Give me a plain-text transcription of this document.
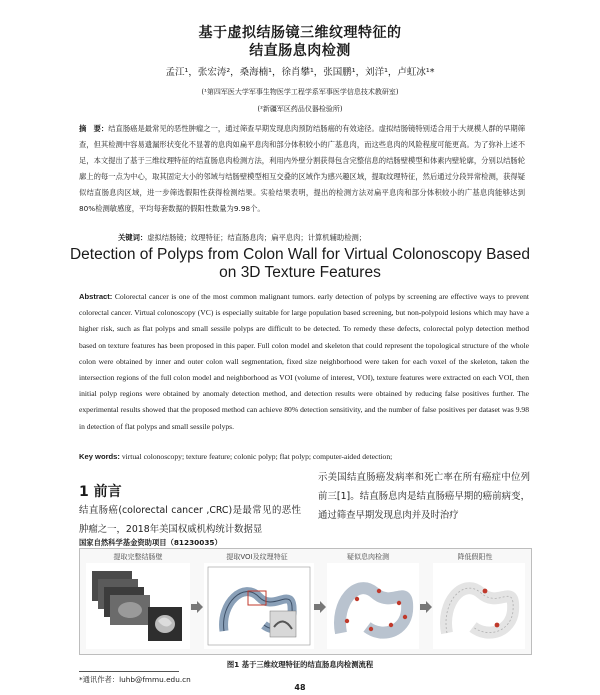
基于虚拟结肠镜三维纹理特征的
结直肠息肉检测
孟江¹，张宏涛²，桑海楠¹，徐肖攀¹，张国鹏¹，刘洋¹，卢虹冰¹*
(¹第四军医大学军事生物医学工程学系军事医学信息技术教研室)
(²新疆军区药品仪器检验所)
摘　要：结直肠癌是最常见的恶性肿瘤之一，通过筛查早期发现息肉预防结肠癌的有效途径。虚拟结肠镜特别适合用于大规模人群的早期筛查，但其检测中容易遗漏形状变化不显著的息肉如扁平息肉和部分体积较小的广基息肉，而这些息肉的风险程度可能更高。为了弥补上述不足，本文提出了基于三维纹理特征的结直肠息肉检测方法，利用内外壁分割获得包含完整信息的结肠壁模型和体素内壁轮廓，分别以结肠轮廓上的每一点为中心，取其固定大小的邻域与结肠壁模型相互交叠的区域作为感兴趣区域，提取纹理特征，然后通过分段异常检测，获得疑似结直肠息肉区域，进一步筛选假阳性获得检测结果。实验结果表明，提出的检测方法对扁平息肉和部分体积较小的广基息肉能够达到80%检测敏感度，平均每套数据的假阳性数量为9.98个。
关键词：虚拟结肠镜；纹理特征；结直肠息肉；扁平息肉；计算机辅助检测；
Detection of Polyps from Colon Wall for Virtual Colonoscopy Based
on 3D Texture Features
Abstract: Colorectal cancer is one of the most common malignant tumors. early detection of polyps by screening are effective ways to prevent colorectal cancer. Virtual colonoscopy (VC) is especially suitable for large population based screening, but non-polypoid lesions which may have a higher risk, such as flat polyps and small sessile polyps are difficult to be detected. To remedy these defects, colorectal polyp detection method based on texture features has been proposed in this paper. Full colon model and skeleton that could represent the topological structure of the whole colon were obtained by inner and outer colon wall segmentation, fixed size neighborhood were taken for each voxel of the skeleton, taken the intersection regions of the full colon model and neighborhood as VOI (volume of interest, VOI), texture features were extracted on each VOI, then initial polyp regions were obtained by anomaly detection method, and detection results were obtained by reducing false positives further. The experimental results showed that the proposed method can achieve 80% detection sensitivity, and the number of false positives per dataset was 9.98 in detection of flat polyps and small sessile polyps.
Key words: virtual colonoscopy; texture feature; colonic polyp; flat polyp; computer-aided detection;
1 前言
结直肠癌(colorectal cancer ,CRC)是最常见的恶性肿瘤之一，2018年美国权威机构统计数据显
示美国结直肠癌发病率和死亡率在所有癌症中位列前三[1]。结直肠息肉是结直肠癌早期的癌前病变，通过筛查早期发现息肉并及时治疗
国家自然科学基金资助项目（81230035）
提取完整结肠壁	提取VOI及纹理特征	疑似息肉检测	降低假阳性
图1 基于三维纹理特征的结直肠息肉检测流程
*通讯作者：luhb@fmmu.edu.cn
48
